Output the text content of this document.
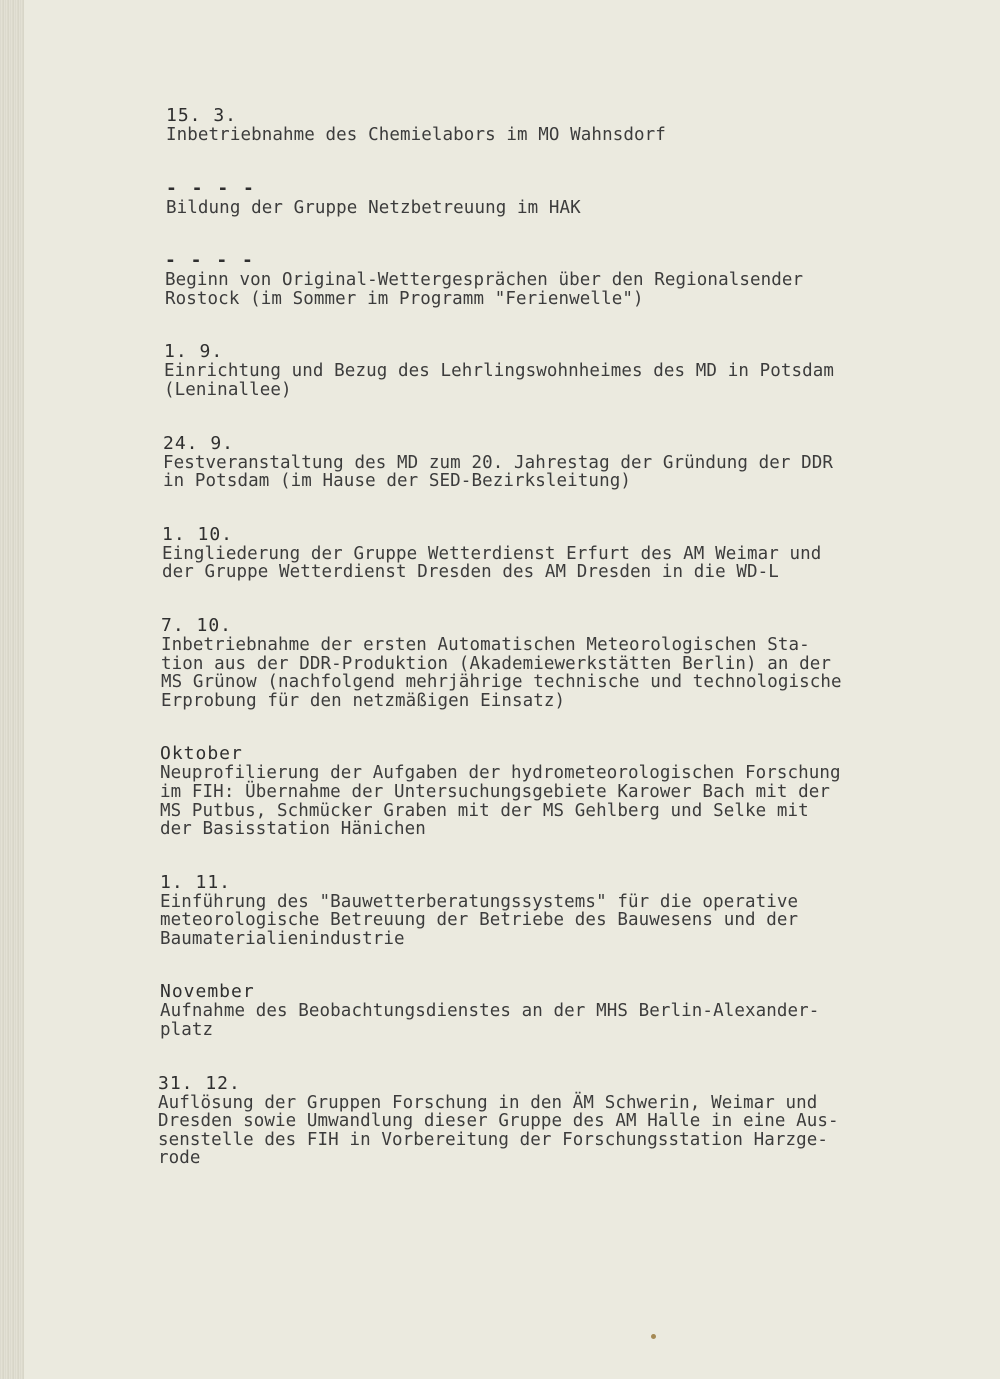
15. 3.
Inbetriebnahme des Chemielabors im MO Wahnsdorf
- - - -
Bildung der Gruppe Netzbetreuung im HAK
- - - -
Beginn von Original-Wettergesprächen über den Regionalsender
Rostock (im Sommer im Programm "Ferienwelle")
1. 9.
Einrichtung und Bezug des Lehrlingswohnheimes des MD in Potsdam
(Leninallee)
24. 9.
Festveranstaltung des MD zum 20. Jahrestag der Gründung der DDR
in Potsdam (im Hause der SED-Bezirksleitung)
1. 10.
Eingliederung der Gruppe Wetterdienst Erfurt des AM Weimar und
der Gruppe Wetterdienst Dresden des AM Dresden in die WD-L
7. 10.
Inbetriebnahme der ersten Automatischen Meteorologischen Sta-
tion aus der DDR-Produktion (Akademiewerkstätten Berlin) an der
MS Grünow (nachfolgend mehrjährige technische und technologische
Erprobung für den netzmäßigen Einsatz)
Oktober
Neuprofilierung der Aufgaben der hydrometeorologischen Forschung
im FIH: Übernahme der Untersuchungsgebiete Karower Bach mit der
MS Putbus, Schmücker Graben mit der MS Gehlberg und Selke mit
der Basisstation Hänichen
1. 11.
Einführung des "Bauwetterberatungssystems" für die operative
meteorologische Betreuung der Betriebe des Bauwesens und der
Baumaterialienindustrie
November
Aufnahme des Beobachtungsdienstes an der MHS Berlin-Alexander-
platz
31. 12.
Auflösung der Gruppen Forschung in den ÄM Schwerin, Weimar und
Dresden sowie Umwandlung dieser Gruppe des AM Halle in eine Aus-
senstelle des FIH in Vorbereitung der Forschungsstation Harzge-
rode
